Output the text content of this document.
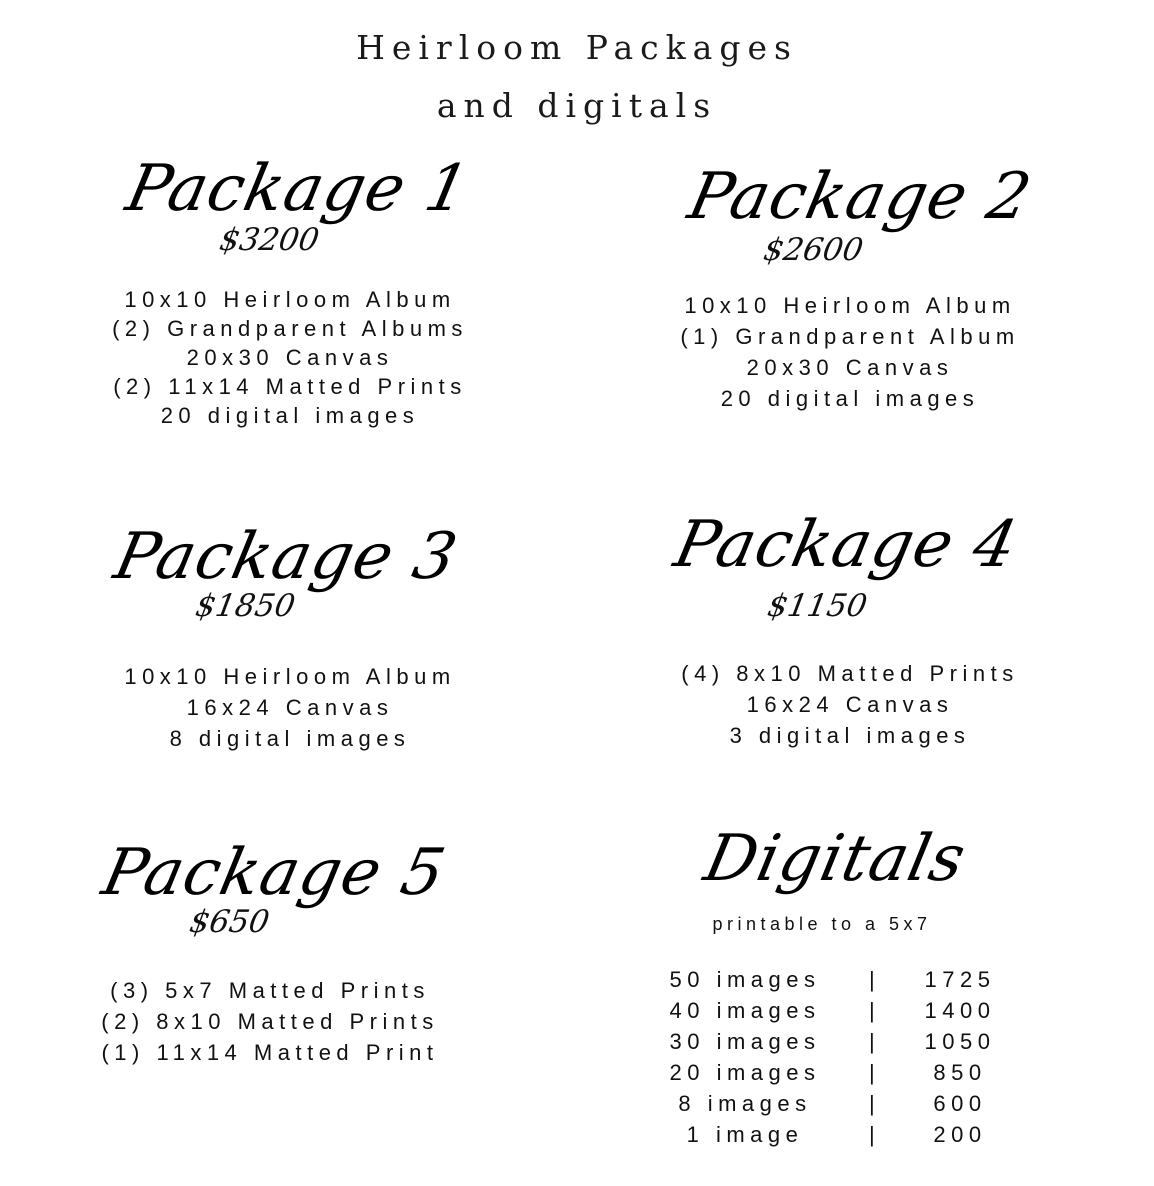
Heirloom Packages
and digitals
Package 1
$3200
10x10 Heirloom Album
(2) Grandparent Albums
20x30 Canvas
(2) 11x14 Matted Prints
20 digital images
Package 2
$2600
10x10 Heirloom Album
(1) Grandparent Album
20x30 Canvas
20 digital images
Package 3
$1850
10x10 Heirloom Album
16x24 Canvas
8 digital images
Package 4
$1150
(4) 8x10 Matted Prints
16x24 Canvas
3 digital images
Package 5
$650
(3) 5x7 Matted Prints
(2) 8x10 Matted Prints
(1) 11x14 Matted Print
Digitals
printable to a 5x7
50 images	|	1725
40 images	|	1400
30 images	|	1050
20 images	|	850
8 images	|	600
1 image	|	200
